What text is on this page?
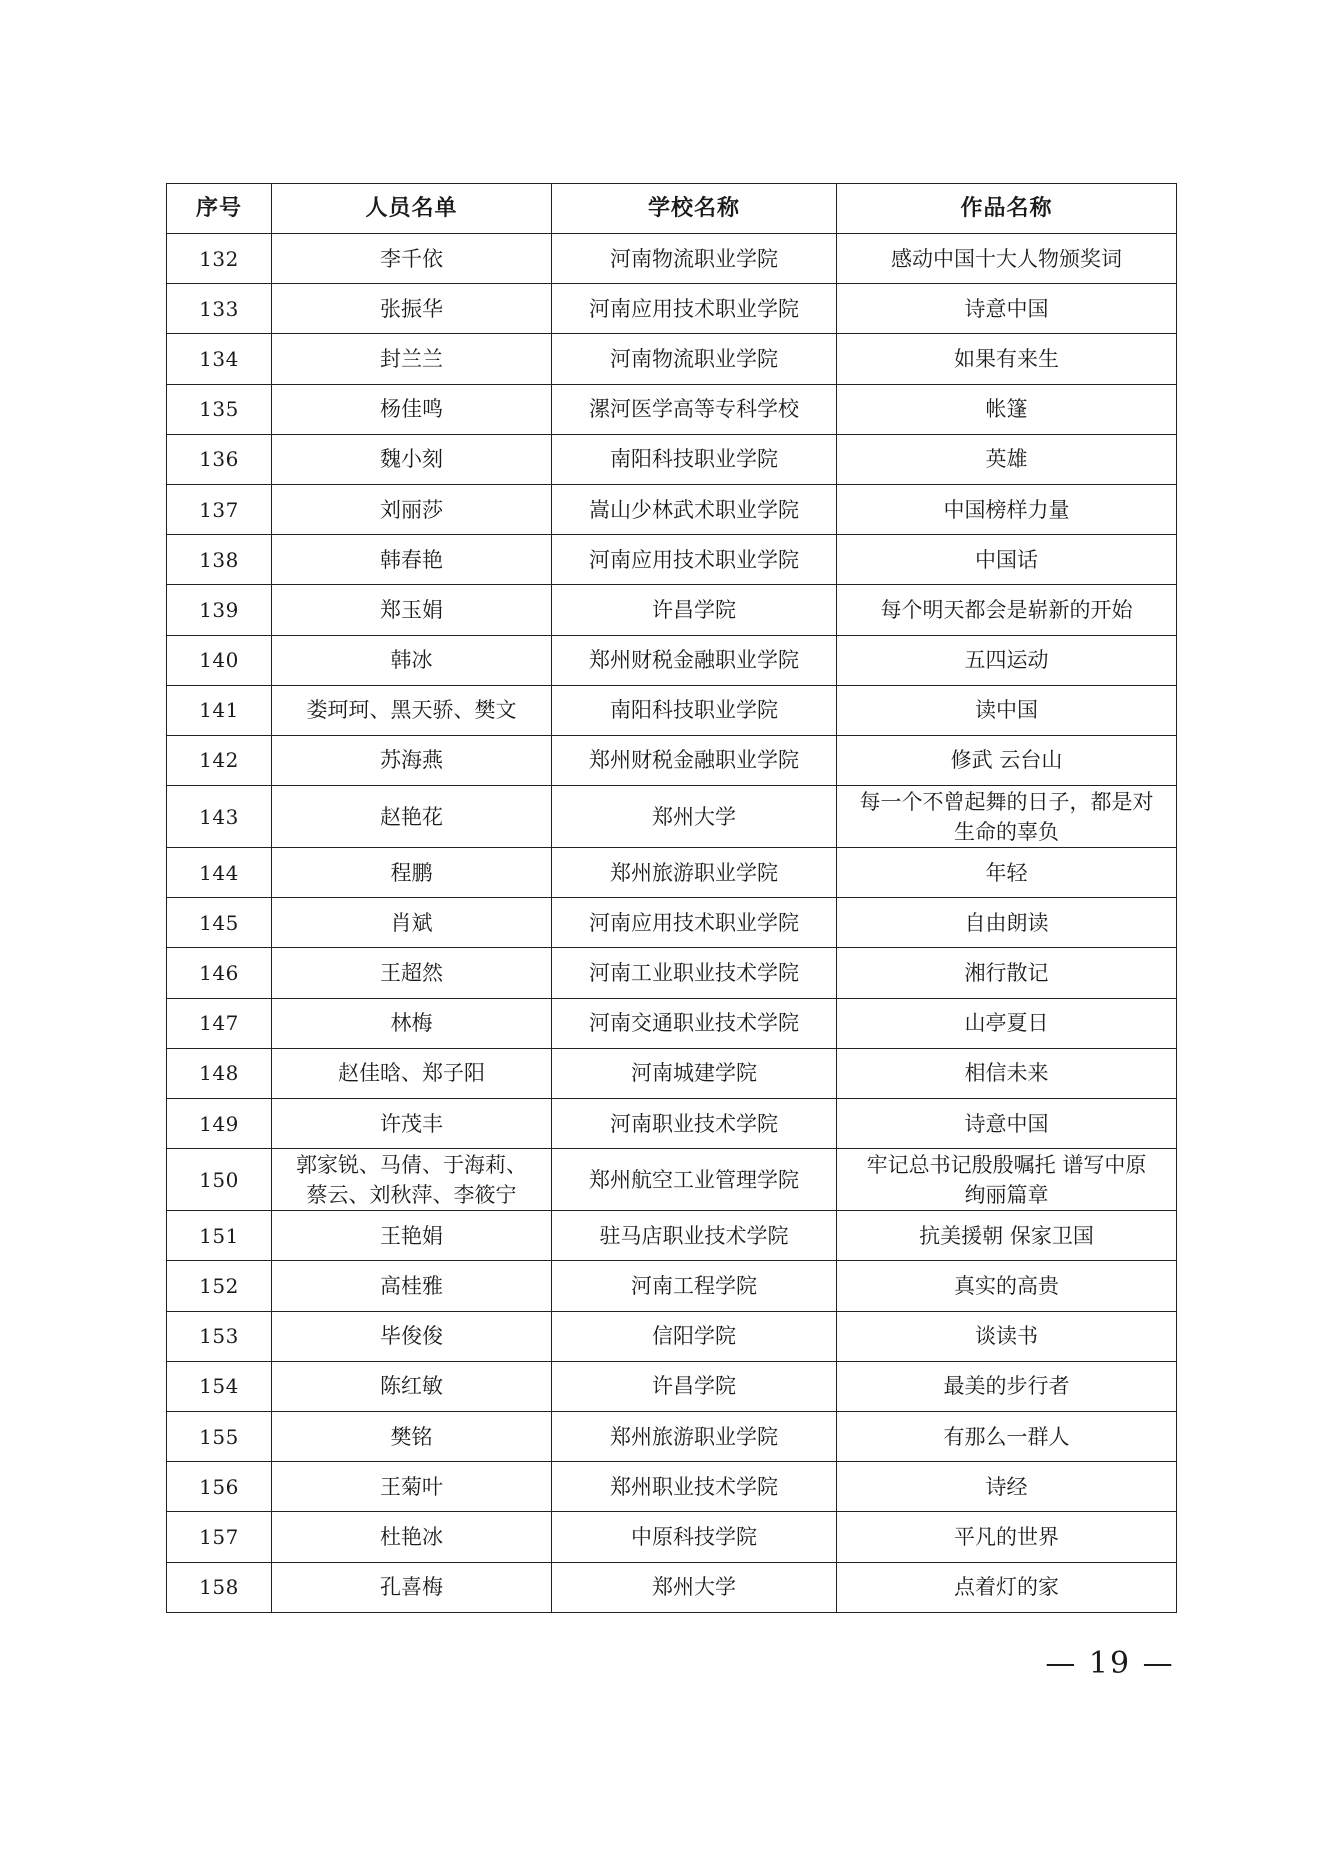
序号	人员名单	学校名称	作品名称
132	李千依	河南物流职业学院	感动中国十大人物颁奖词
133	张振华	河南应用技术职业学院	诗意中国
134	封兰兰	河南物流职业学院	如果有来生
135	杨佳鸣	漯河医学高等专科学校	帐篷
136	魏小刻	南阳科技职业学院	英雄
137	刘丽莎	嵩山少林武术职业学院	中国榜样力量
138	韩春艳	河南应用技术职业学院	中国话
139	郑玉娟	许昌学院	每个明天都会是崭新的开始
140	韩冰	郑州财税金融职业学院	五四运动
141	娄珂珂、黑天骄、樊文	南阳科技职业学院	读中国
142	苏海燕	郑州财税金融职业学院	修武 云台山
143	赵艳花	郑州大学	每一个不曾起舞的日子，都是对
生命的辜负
144	程鹏	郑州旅游职业学院	年轻
145	肖斌	河南应用技术职业学院	自由朗读
146	王超然	河南工业职业技术学院	湘行散记
147	林梅	河南交通职业技术学院	山亭夏日
148	赵佳晗、郑子阳	河南城建学院	相信未来
149	许茂丰	河南职业技术学院	诗意中国
150	郭家锐、马倩、于海莉、
蔡云、刘秋萍、李筱宁	郑州航空工业管理学院	牢记总书记殷殷嘱托 谱写中原
绚丽篇章
151	王艳娟	驻马店职业技术学院	抗美援朝 保家卫国
152	高桂雅	河南工程学院	真实的高贵
153	毕俊俊	信阳学院	谈读书
154	陈红敏	许昌学院	最美的步行者
155	樊铭	郑州旅游职业学院	有那么一群人
156	王菊叶	郑州职业技术学院	诗经
157	杜艳冰	中原科技学院	平凡的世界
158	孔喜梅	郑州大学	点着灯的家
— 19 —
